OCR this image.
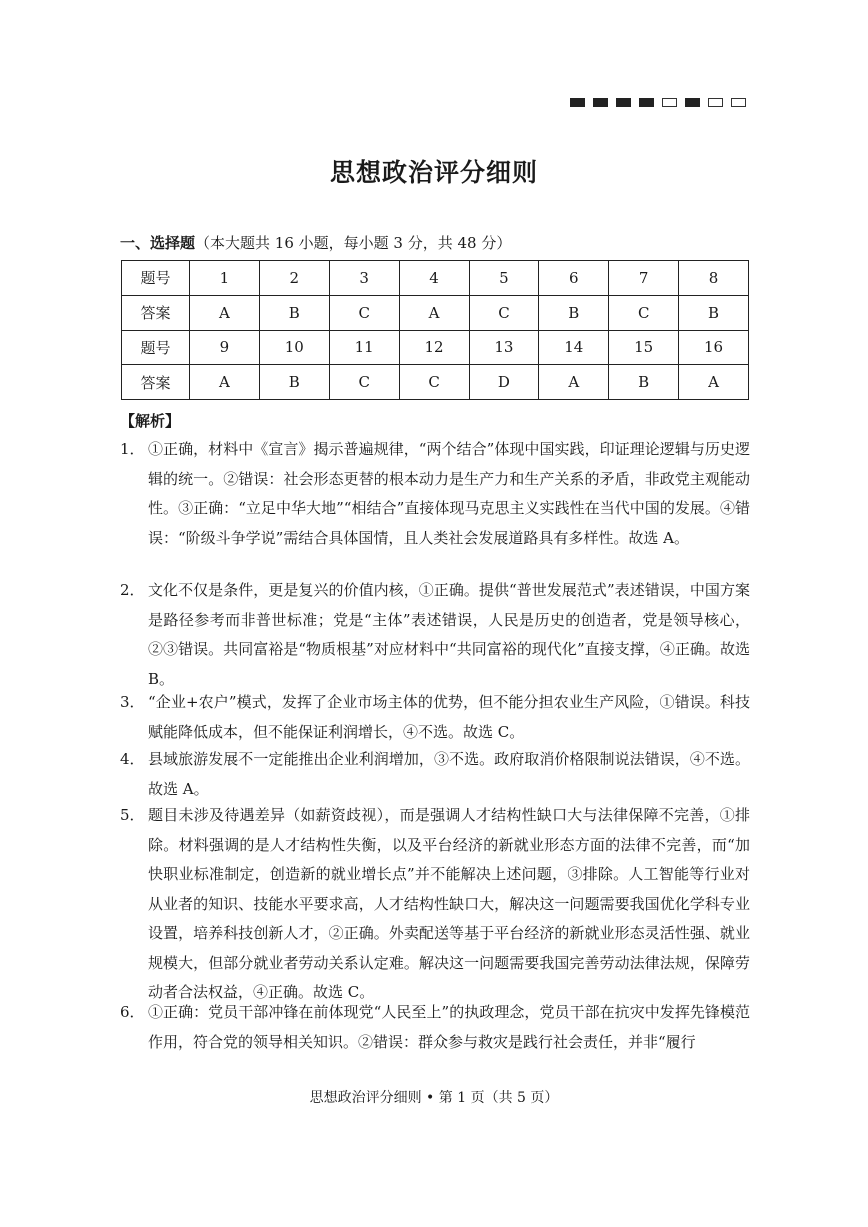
思想政治评分细则
一、选择题（本大题共 16 小题，每小题 3 分，共 48 分）
题号	1	2	3	4	5	6	7	8
答案	A	B	C	A	C	B	C	B
题号	9	10	11	12	13	14	15	16
答案	A	B	C	C	D	A	B	A
【解析】
1． ①正确，材料中《宣言》揭示普遍规律，“两个结合”体现中国实践，印证理论逻辑与历史逻辑的统一。②错误：社会形态更替的根本动力是生产力和生产关系的矛盾，非政党主观能动性。③正确：“立足中华大地”“相结合”直接体现马克思主义实践性在当代中国的发展。④错误：“阶级斗争学说”需结合具体国情，且人类社会发展道路具有多样性。故选 A。
2． 文化不仅是条件，更是复兴的价值内核，①正确。提供“普世发展范式”表述错误，中国方案是路径参考而非普世标准；党是“主体”表述错误，人民是历史的创造者，党是领导核心，②③错误。共同富裕是“物质根基”对应材料中“共同富裕的现代化”直接支撑，④正确。故选 B。
3． “企业+农户”模式，发挥了企业市场主体的优势，但不能分担农业生产风险，①错误。科技赋能降低成本，但不能保证利润增长，④不选。故选 C。
4． 县域旅游发展不一定能推出企业利润增加，③不选。政府取消价格限制说法错误，④不选。故选 A。
5． 题目未涉及待遇差异（如薪资歧视），而是强调人才结构性缺口大与法律保障不完善，①排除。材料强调的是人才结构性失衡，以及平台经济的新就业形态方面的法律不完善，而“加快职业标准制定，创造新的就业增长点”并不能解决上述问题，③排除。人工智能等行业对从业者的知识、技能水平要求高，人才结构性缺口大，解决这一问题需要我国优化学科专业设置，培养科技创新人才，②正确。外卖配送等基于平台经济的新就业形态灵活性强、就业规模大，但部分就业者劳动关系认定难。解决这一问题需要我国完善劳动法律法规，保障劳动者合法权益，④正确。故选 C。
6． ①正确：党员干部冲锋在前体现党“人民至上”的执政理念，党员干部在抗灾中发挥先锋模范作用，符合党的领导相关知识。②错误：群众参与救灾是践行社会责任，并非“履行
思想政治评分细则 • 第 1 页（共 5 页）
